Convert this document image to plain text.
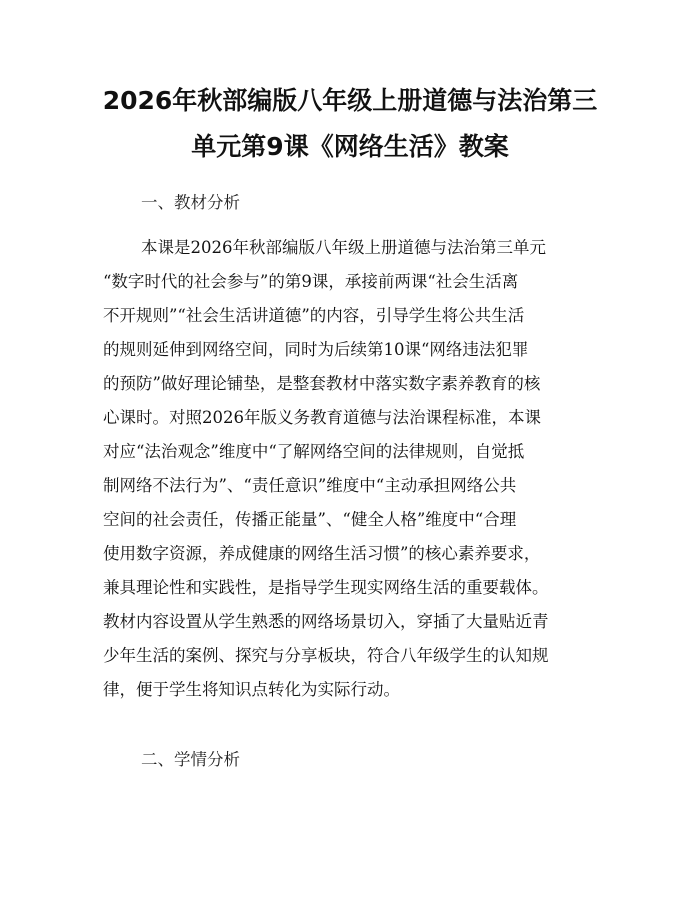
2026年秋部编版八年级上册道德与法治第三
单元第9课《网络生活》教案
一、教材分析
本课是2026年秋部编版八年级上册道德与法治第三单元
“数字时代的社会参与”的第9课，承接前两课“社会生活离
不开规则”“社会生活讲道德”的内容，引导学生将公共生活
的规则延伸到网络空间，同时为后续第10课“网络违法犯罪
的预防”做好理论铺垫，是整套教材中落实数字素养教育的核
心课时。对照2026年版义务教育道德与法治课程标准，本课
对应“法治观念”维度中“了解网络空间的法律规则，自觉抵
制网络不法行为”、“责任意识”维度中“主动承担网络公共
空间的社会责任，传播正能量”、“健全人格”维度中“合理
使用数字资源，养成健康的网络生活习惯”的核心素养要求，
兼具理论性和实践性，是指导学生现实网络生活的重要载体。
教材内容设置从学生熟悉的网络场景切入，穿插了大量贴近青
少年生活的案例、探究与分享板块，符合八年级学生的认知规
律，便于学生将知识点转化为实际行动。
二、学情分析
